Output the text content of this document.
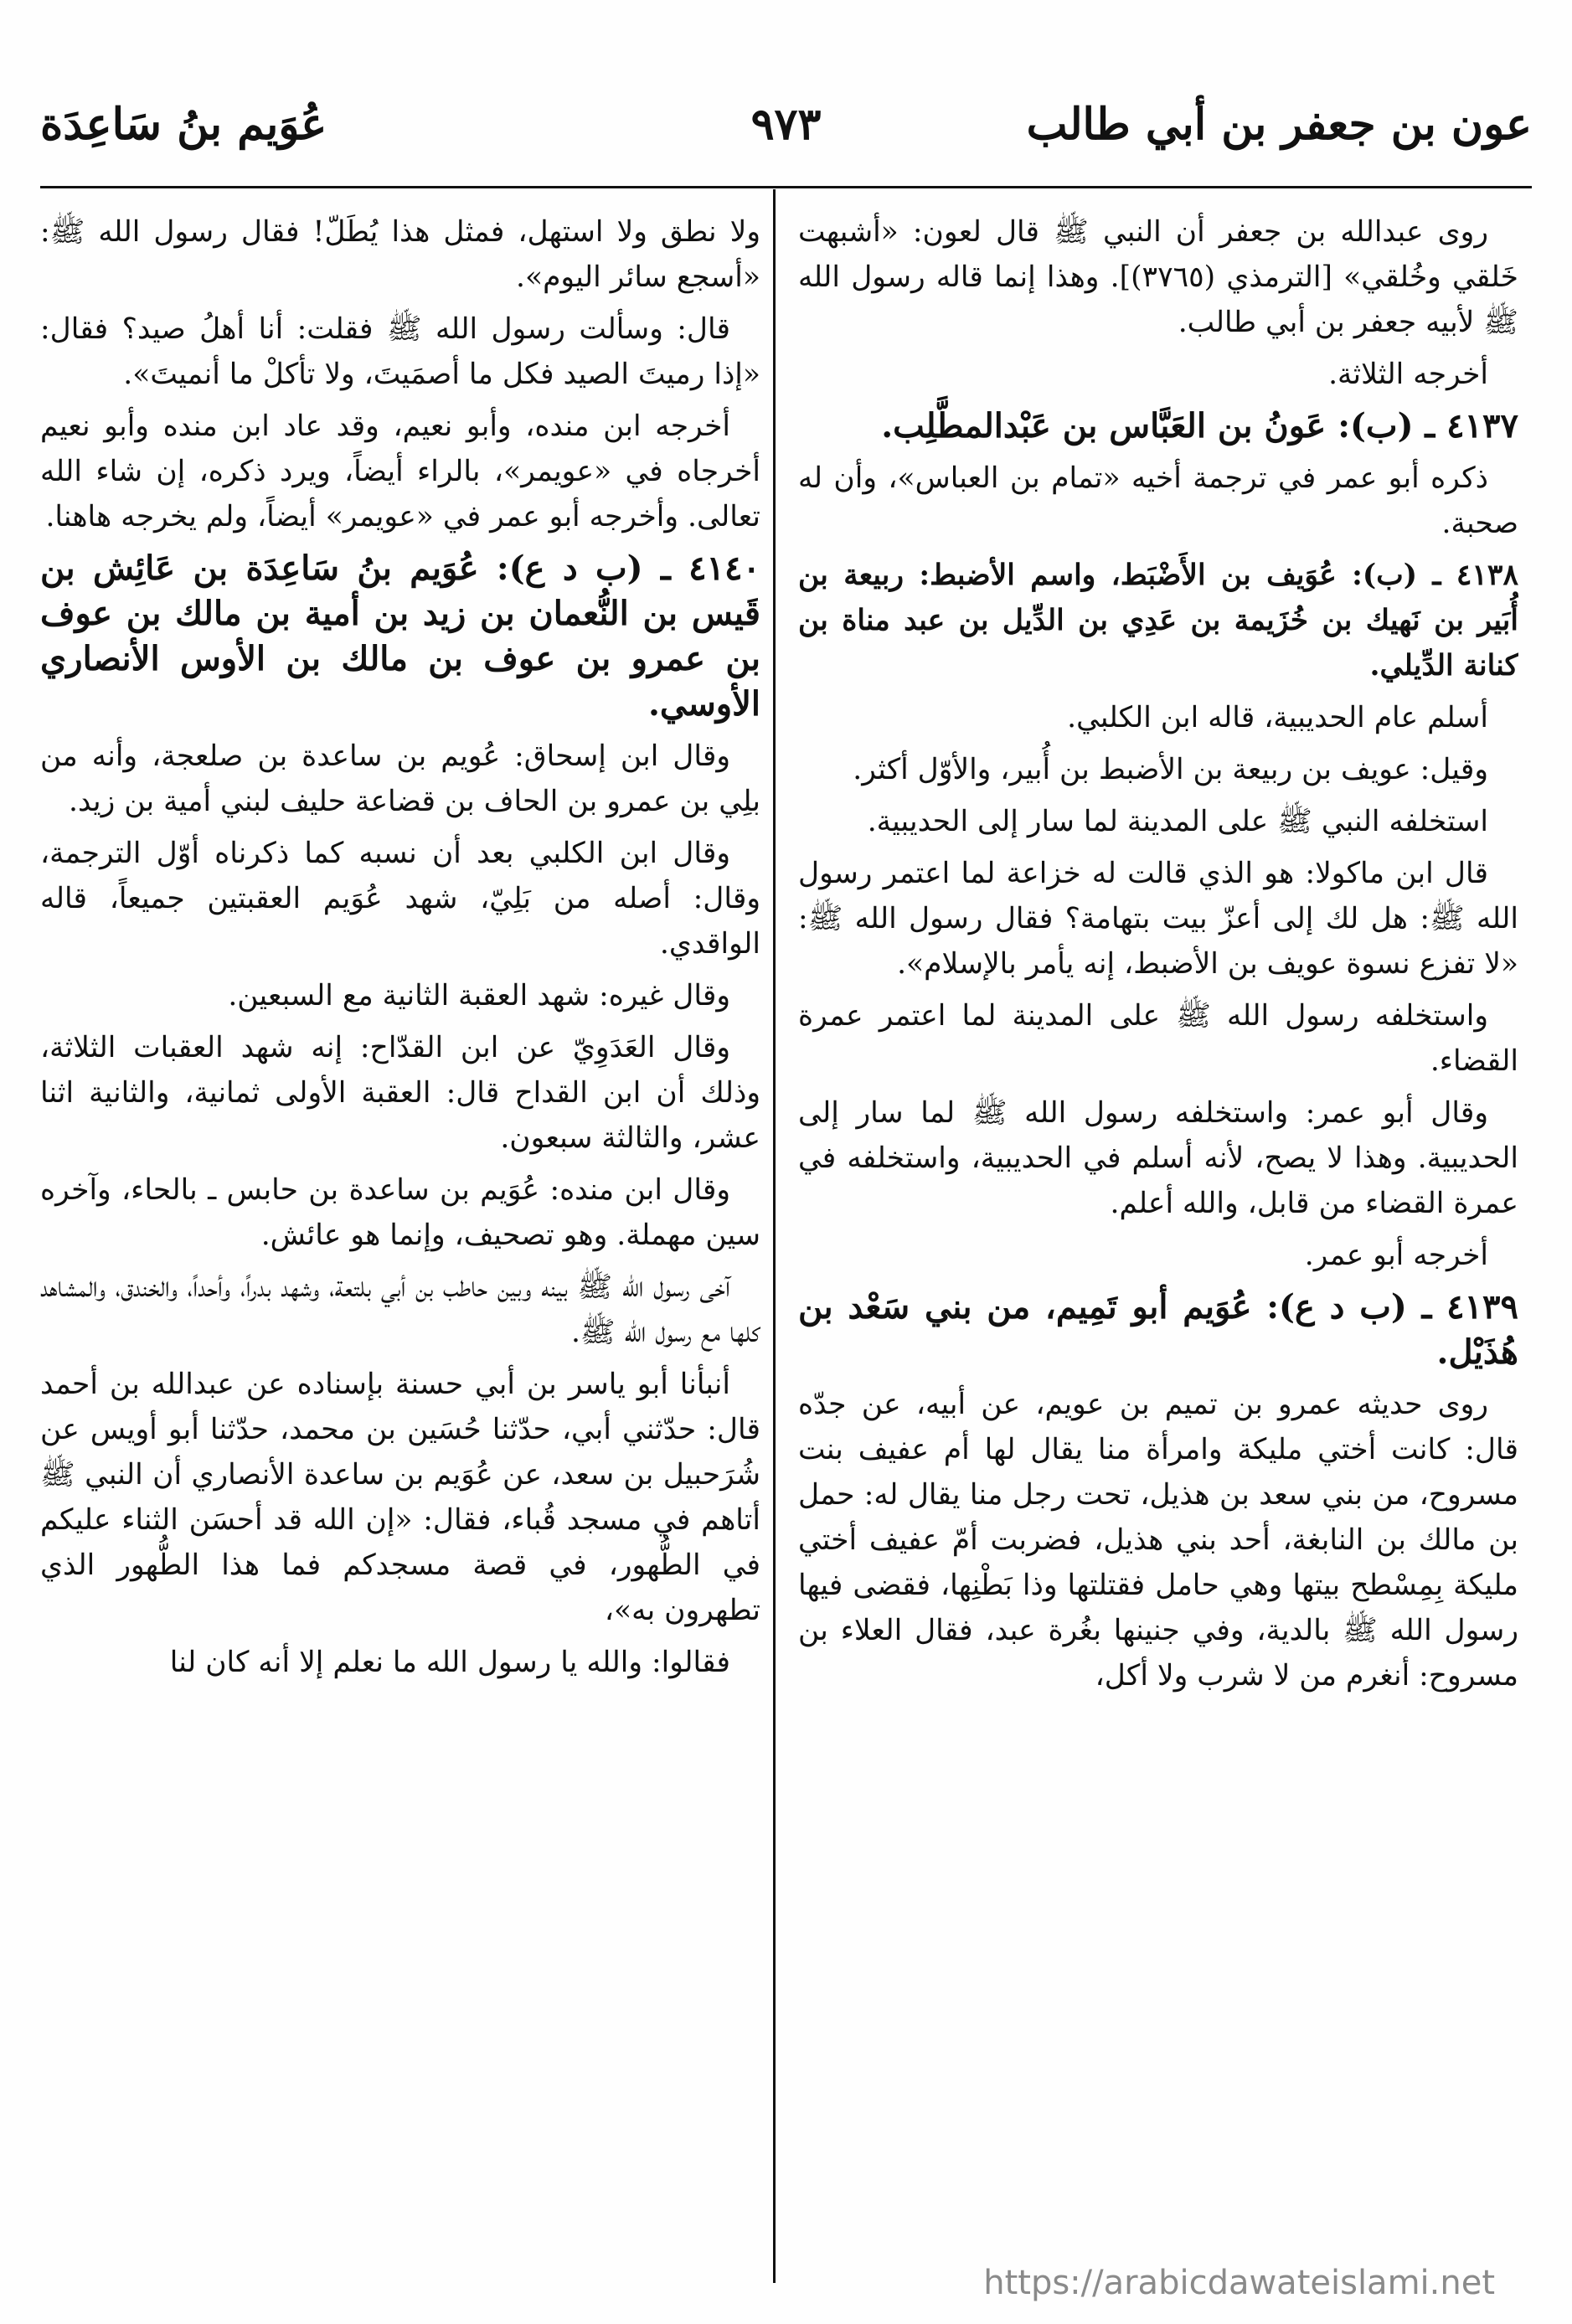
عون بن جعفر بن أبي طالب
٩٧٣
عُوَيم بنُ سَاعِدَة

روى عبدالله بن جعفر أن النبي ﷺ قال لعون: «أشبهت خَلقي وخُلقي» [الترمذي (٣٧٦٥)]. وهذا إنما قاله رسول الله ﷺ لأبيه جعفر بن أبي طالب.

أخرجه الثلاثة.

٤١٣٧ ـ (ب): عَونُ بن العَبَّاس بن عَبْدالمطَّلِب.

ذكره أبو عمر في ترجمة أخيه «تمام بن العباس»، وأن له صحبة.

٤١٣٨ ـ (ب): عُوَيف بن الأَضْبَط، واسم الأضبط: ربيعة بن أُبَير بن نَهيك بن خُزَيمة بن عَدِي بن الدِّيل بن عبد مناة بن كنانة الدِّيلي.

أسلم عام الحديبية، قاله ابن الكلبي.

وقيل: عويف بن ربيعة بن الأضبط بن أُبير، والأوّل أكثر.

استخلفه النبي ﷺ على المدينة لما سار إلى الحديبية.

قال ابن ماكولا: هو الذي قالت له خزاعة لما اعتمر رسول الله ﷺ: هل لك إلى أعزّ بيت بتهامة؟ فقال رسول الله ﷺ: «لا تفزع نسوة عويف بن الأضبط، إنه يأمر بالإسلام».

واستخلفه رسول الله ﷺ على المدينة لما اعتمر عمرة القضاء.

وقال أبو عمر: واستخلفه رسول الله ﷺ لما سار إلى الحديبية. وهذا لا يصح، لأنه أسلم في الحديبية، واستخلفه في عمرة القضاء من قابل، والله أعلم.

أخرجه أبو عمر.

٤١٣٩ ـ (ب د ع): عُوَيم أبو تَمِيم، من بني سَعْد بن هُذَيْل.

روى حديثه عمرو بن تميم بن عويم، عن أبيه، عن جدّه قال: كانت أختي مليكة وامرأة منا يقال لها أم عفيف بنت مسروح، من بني سعد بن هذيل، تحت رجل منا يقال له: حمل بن مالك بن النابغة، أحد بني هذيل، فضربت أمّ عفيف أختي مليكة بِمِسْطح بيتها وهي حامل فقتلتها وذا بَطْنِها، فقضى فيها رسول الله ﷺ بالدية، وفي جنينها بغُرة عبد، فقال العلاء بن مسروح: أنغرم من لا شرب ولا أكل،

ولا نطق ولا استهل، فمثل هذا يُطَلّ! فقال رسول الله ﷺ: «أسجع سائر اليوم».

قال: وسألت رسول الله ﷺ فقلت: أنا أهلُ صيد؟ فقال: «إذا رميتَ الصيد فكل ما أصمَيتَ، ولا تأكلْ ما أنميتَ».

أخرجه ابن منده، وأبو نعيم، وقد عاد ابن منده وأبو نعيم أخرجاه في «عويمر»، بالراء أيضاً، ويرد ذكره، إن شاء الله تعالى. وأخرجه أبو عمر في «عويمر» أيضاً، ولم يخرجه هاهنا.

٤١٤٠ ـ (ب د ع): عُوَيم بنُ سَاعِدَة بن عَائِش بن قَيس بن النُّعمان بن زيد بن أمية بن مالك بن عوف بن عمرو بن عوف بن مالك بن الأوس الأنصاري الأوسي.

وقال ابن إسحاق: عُويم بن ساعدة بن صلعجة، وأنه من بلِي بن عمرو بن الحاف بن قضاعة حليف لبني أمية بن زيد.

وقال ابن الكلبي بعد أن نسبه كما ذكرناه أوّل الترجمة، وقال: أصله من بَلِيّ، شهد عُوَيم العقبتين جميعاً، قاله الواقدي.

وقال غيره: شهد العقبة الثانية مع السبعين.

وقال العَدَوِيّ عن ابن القدّاح: إنه شهد العقبات الثلاثة، وذلك أن ابن القداح قال: العقبة الأولى ثمانية، والثانية اثنا عشر، والثالثة سبعون.

وقال ابن منده: عُوَيم بن ساعدة بن حابس ـ بالحاء، وآخره سين مهملة. وهو تصحيف، وإنما هو عائش.

آخى رسول الله ﷺ بينه وبين حاطب بن أبي بلتعة، وشهد بدراً، وأحداً، والخندق، والمشاهد كلها مع رسول الله ﷺ.

أنبأنا أبو ياسر بن أبي حسنة بإسناده عن عبدالله بن أحمد قال: حدّثني أبي، حدّثنا حُسَين بن محمد، حدّثنا أبو أويس عن شُرَحبيل بن سعد، عن عُوَيم بن ساعدة الأنصاري أن النبي ﷺ أتاهم في مسجد قُباء، فقال: «إن الله قد أحسَن الثناء عليكم في الطُّهور، في قصة مسجدكم فما هذا الطُّهور الذي تطهرون به»،

فقالوا: والله يا رسول الله ما نعلم إلا أنه كان لنا

https://arabicdawateislami.net
